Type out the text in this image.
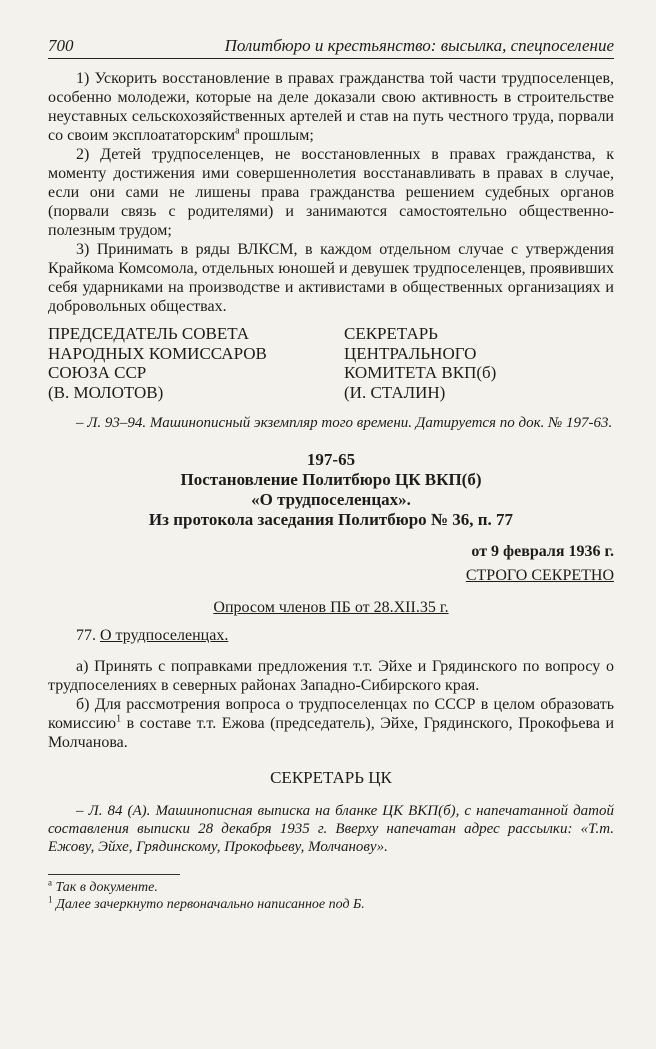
700	Политбюро и крестьянство: высылка, спецпоселение

1) Ускорить восстановление в правах гражданства той части трудпоселенцев, особенно молодежи, которые на деле доказали свою активность в строительстве неуставных сельскохозяйственных артелей и став на путь честного труда, порвали со своим эксплоататорским$^а$ прошлым;

2) Детей трудпоселенцев, не восстановленных в правах гражданства, к моменту достижения ими совершеннолетия восстанавливать в правах в случае, если они сами не лишены права гражданства решением судебных органов (порвали связь с родителями) и занимаются самостоятельно общественно-полезным трудом;

3) Принимать в ряды ВЛКСМ, в каждом отдельном случае с утверждения Крайкома Комсомола, отдельных юношей и девушек трудпоселенцев, проявивших себя ударниками на производстве и активистами в общественных организациях и добровольных обществах.

ПРЕДСЕДАТЕЛЬ СОВЕТА
НАРОДНЫХ КОМИССАРОВ
СОЮЗА ССР
(В. МОЛОТОВ)
СЕКРЕТАРЬ
ЦЕНТРАЛЬНОГО
КОМИТЕТА ВКП(б)
(И. СТАЛИН)

– Л. 93–94. Машинописный экземпляр того времени. Датируется по док. № 197-63.

197-65
Постановление Политбюро ЦК ВКП(б)
«О трудпоселенцах».
Из протокола заседания Политбюро № 36, п. 77
от 9 февраля 1936 г.
СТРОГО СЕКРЕТНО
Опросом членов ПБ от 28.XII.35 г.

77. О трудпоселенцах.

а) Принять с поправками предложения т.т. Эйхе и Грядинского по вопросу о трудпоселениях в северных районах Западно-Сибирского края.

б) Для рассмотрения вопроса о трудпоселенцах по СССР в целом образовать комиссию$^1$ в составе т.т. Ежова (председатель), Эйхе, Грядинского, Прокофьева и Молчанова.

СЕКРЕТАРЬ ЦК

– Л. 84 (А). Машинописная выписка на бланке ЦК ВКП(б), с напечатанной датой составления выписки 28 декабря 1935 г. Вверху напечатан адрес рассылки: «Т.т. Ежову, Эйхе, Грядинскому, Прокофьеву, Молчанову».

$^a$ Так в документе.
$^1$ Далее зачеркнуто первоначально написанное под Б.
